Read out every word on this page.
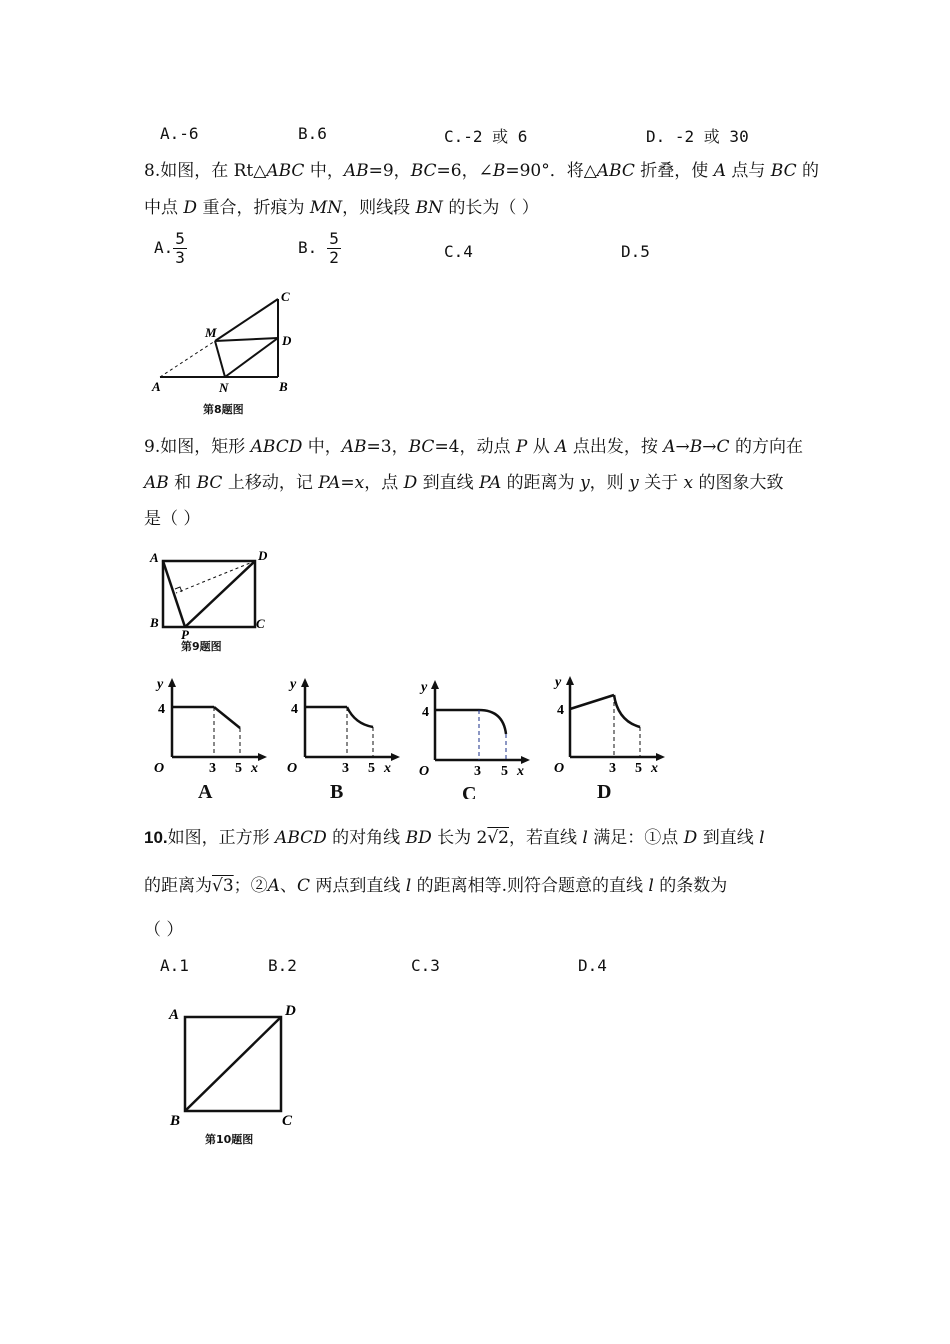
A.-6	B.6	C.-2 或 6	D. -2 或 30
8.如图，在 Rt△ABC 中，AB=9，BC=6，∠B=90°．将△ABC 折叠，使 A 点与 BC 的
中点 D 重合，折痕为 MN，则线段 BN 的长为（ ）
A. $\frac{5}{3}$	B. $\frac{5}{2}$	C.4	D.5
C
M
D
A	N	B
第8题图
9.如图，矩形 ABCD 中，AB=3，BC=4，动点 P 从 A 点出发，按 A→B→C 的方向在
AB 和 BC 上移动，记 PA=x，点 D 到直线 PA 的距离为 y，则 y 关于 x 的图象大致
是（ ）
A	D
B
P
C
第9题图
y
4
O	3 5 x
A
y
4
O	3 5 x
B
y
4
O	3 5 x
C
y
4
O	3 5 x
D
10.如图，正方形 ABCD 的对角线 BD 长为 2√2，若直线 l 满足：①点 D 到直线 l
的距离为√3；②A、C 两点到直线 l 的距离相等.则符合题意的直线 l 的条数为
（ ）
A.1	B.2	C.3	D.4
A	D
B	C
第10题图
